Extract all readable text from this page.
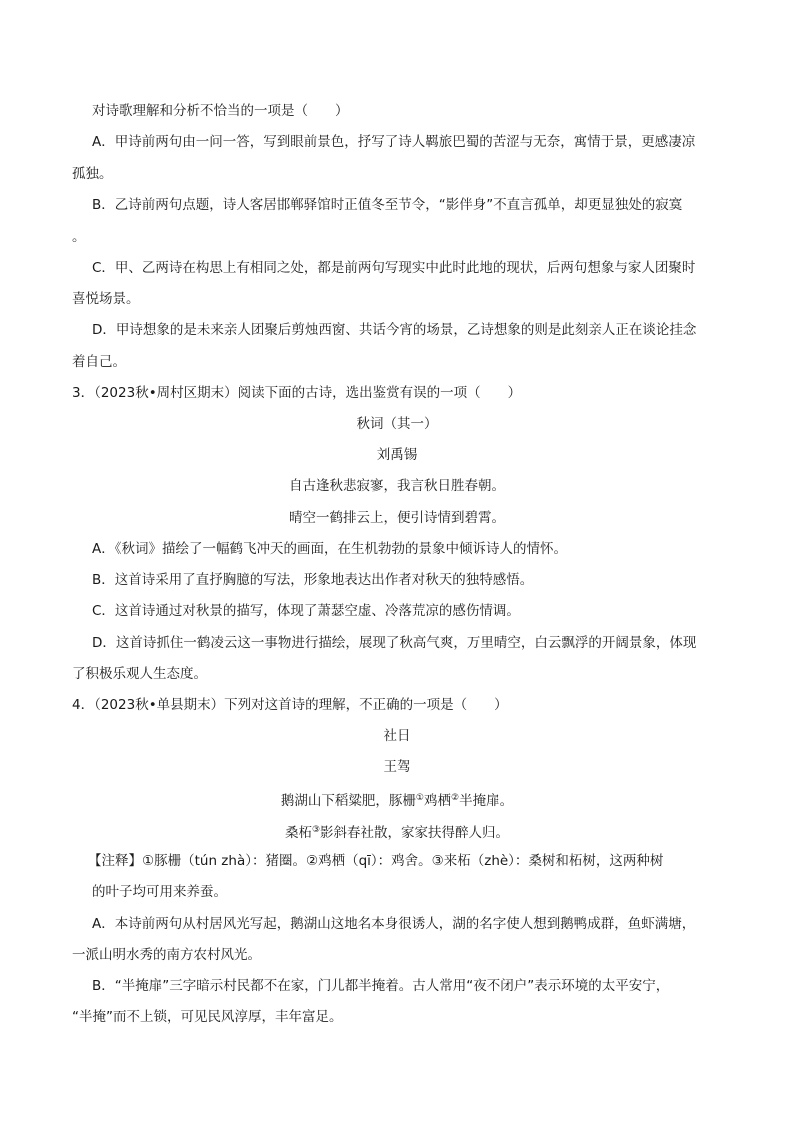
对诗歌理解和分析不恰当的一项是（　　）
A．甲诗前两句由一问一答，写到眼前景色，抒写了诗人羁旅巴蜀的苦涩与无奈，寓情于景，更感凄凉
孤独。
B．乙诗前两句点题，诗人客居邯郸驿馆时正值冬至节令，“影伴身”不直言孤单，却更显独处的寂寞
。
C．甲、乙两诗在构思上有相同之处，都是前两句写现实中此时此地的现状，后两句想象与家人团聚时
喜悦场景。
D．甲诗想象的是未来亲人团聚后剪烛西窗、共话今宵的场景，乙诗想象的则是此刻亲人正在谈论挂念
着自己。
3．（2023秋•周村区期末）阅读下面的古诗，选出鉴赏有误的一项（　　）
秋词（其一）
刘禹锡
自古逢秋悲寂寥，我言秋日胜春朝。
晴空一鹤排云上，便引诗情到碧霄。
A．《秋词》描绘了一幅鹤飞冲天的画面，在生机勃勃的景象中倾诉诗人的情怀。
B．这首诗采用了直抒胸臆的写法，形象地表达出作者对秋天的独特感悟。
C．这首诗通过对秋景的描写，体现了萧瑟空虚、冷落荒凉的感伤情调。
D．这首诗抓住一鹤凌云这一事物进行描绘，展现了秋高气爽，万里晴空，白云飘浮的开阔景象，体现
了积极乐观人生态度。
4．（2023秋•单县期末）下列对这首诗的理解，不正确的一项是（　　）
社日
王驾
鹅湖山下稻粱肥，豚栅①鸡栖②半掩扉。
桑柘③影斜春社散，家家扶得醉人归。
【注释】①豚栅（tún zhà）：猪圈。②鸡栖（qī）：鸡舍。③来柘（zhè）：桑树和柘树，这两种树
的叶子均可用来养蚕。
A．本诗前两句从村居风光写起，鹅湖山这地名本身很诱人，湖的名字使人想到鹅鸭成群，鱼虾满塘，
一派山明水秀的南方农村风光。
B．“半掩扉”三字暗示村民都不在家，门儿都半掩着。古人常用“夜不闭户”表示环境的太平安宁，
“半掩”而不上锁，可见民风淳厚，丰年富足。
